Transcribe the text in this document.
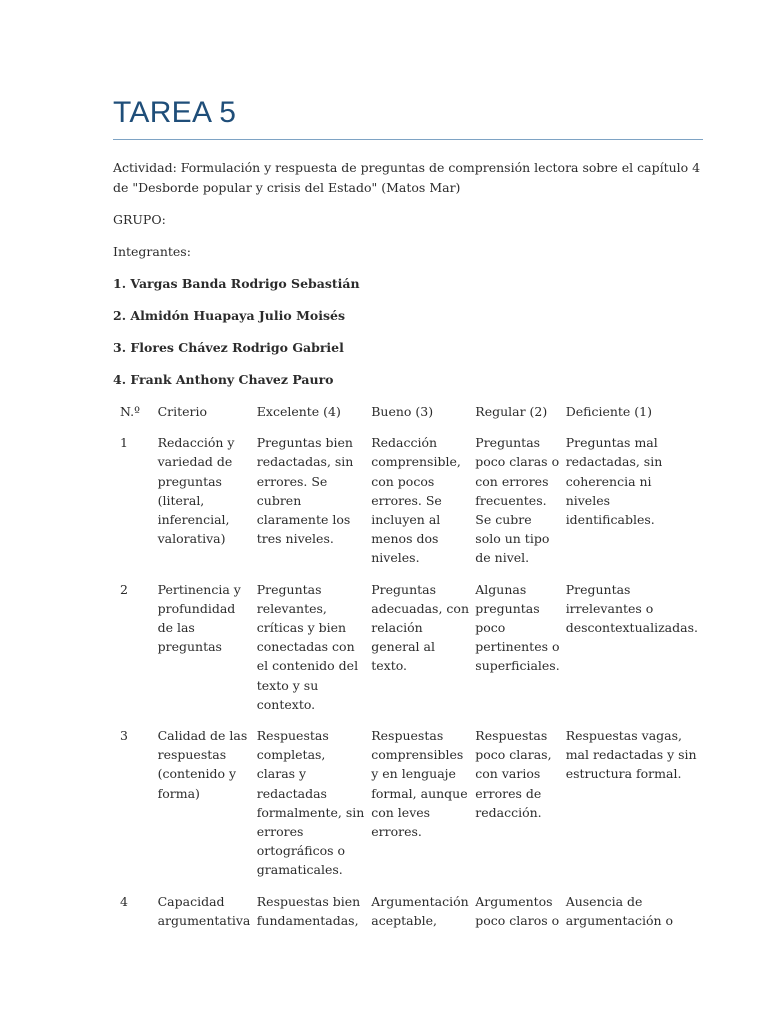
TAREA 5

Actividad: Formulación y respuesta de preguntas de comprensión lectora sobre el capítulo 4 de "Desborde popular y crisis del Estado" (Matos Mar)

GRUPO:

Integrantes:

1. Vargas Banda Rodrigo Sebastián

2. Almidón Huapaya Julio Moisés

3. Flores Chávez Rodrigo Gabriel

4. Frank Anthony Chavez Pauro

N.º	Criterio	Excelente (4)	Bueno (3)	Regular (2)	Deficiente (1)
1	Redacción y variedad de preguntas (literal, inferencial, valorativa)	Preguntas bien redactadas, sin errores. Se cubren claramente los tres niveles.	Redacción comprensible, con pocos errores. Se incluyen al menos dos niveles.	Preguntas poco claras o con errores frecuentes. Se cubre solo un tipo de nivel.	Preguntas mal redactadas, sin coherencia ni niveles identificables.
2	Pertinencia y profundidad de las preguntas	Preguntas relevantes, críticas y bien conectadas con el contenido del texto y su contexto.	Preguntas adecuadas, con relación general al texto.	Algunas preguntas poco pertinentes o superficiales.	Preguntas irrelevantes o descontextualizadas.
3	Calidad de las respuestas (contenido y forma)	Respuestas completas, claras y redactadas formalmente, sin errores ortográficos o gramaticales.	Respuestas comprensibles y en lenguaje formal, aunque con leves errores.	Respuestas poco claras, con varios errores de redacción.	Respuestas vagas, mal redactadas y sin estructura formal.
4	Capacidad argumentativa	Respuestas bien fundamentadas,	Argumentación aceptable,	Argumentos poco claros o	Ausencia de argumentación o
